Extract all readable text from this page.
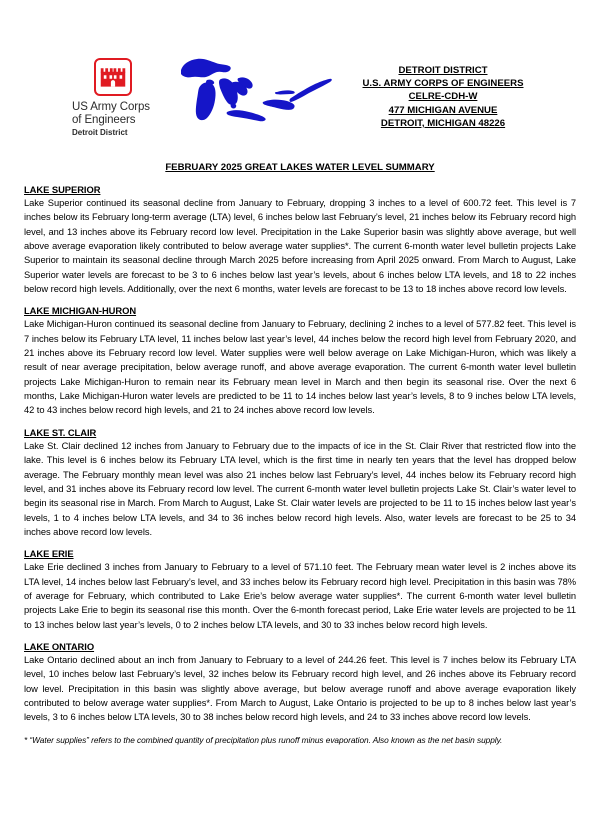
US Army Corps
of Engineers
Detroit District
DETROIT DISTRICT
U.S. ARMY CORPS OF ENGINEERS
CELRE-CDH-W
477 MICHIGAN AVENUE
DETROIT, MICHIGAN 48226
FEBRUARY 2025 GREAT LAKES WATER LEVEL SUMMARY
LAKE SUPERIOR
Lake Superior continued its seasonal decline from January to February, dropping 3 inches to a level of 600.72 feet. This level is 7 inches below its February long-term average (LTA) level, 6 inches below last February’s level, 21 inches below its February record high level, and 13 inches above its February record low level. Precipitation in the Lake Superior basin was slightly above average, but well above average evaporation likely contributed to below average water supplies*. The current 6-month water level bulletin projects Lake Superior to maintain its seasonal decline through March 2025 before increasing from April 2025 onward. From March to August, Lake Superior water levels are forecast to be 3 to 6 inches below last year’s levels, about 6 inches below LTA levels, and 18 to 22 inches below record high levels. Additionally, over the next 6 months, water levels are forecast to be 13 to 18 inches above record low levels.
LAKE MICHIGAN-HURON
Lake Michigan-Huron continued its seasonal decline from January to February, declining 2 inches to a level of 577.82 feet. This level is 7 inches below its February LTA level, 11 inches below last year’s level, 44 inches below the record high level from February 2020, and 21 inches above its February record low level. Water supplies were well below average on Lake Michigan-Huron, which was likely a result of near average precipitation, below average runoff, and above average evaporation. The current 6-month water level bulletin projects Lake Michigan-Huron to remain near its February mean level in March and then begin its seasonal rise. Over the next 6 months, Lake Michigan-Huron water levels are predicted to be 11 to 14 inches below last year’s levels, 8 to 9 inches below LTA levels, 42 to 43 inches below record high levels, and 21 to 24 inches above record low levels.
LAKE ST. CLAIR
Lake St. Clair declined 12 inches from January to February due to the impacts of ice in the St. Clair River that restricted flow into the lake. This level is 6 inches below its February LTA level, which is the first time in nearly ten years that the level has dropped below average. The February monthly mean level was also 21 inches below last February’s level, 44 inches below its February record high level, and 31 inches above its February record low level. The current 6-month water level bulletin projects Lake St. Clair’s water level to begin its seasonal rise in March. From March to August, Lake St. Clair water levels are projected to be 11 to 15 inches below last year’s levels, 1 to 4 inches below LTA levels, and 34 to 36 inches below record high levels. Also, water levels are forecast to be 25 to 34 inches above record low levels.
LAKE ERIE
Lake Erie declined 3 inches from January to February to a level of 571.10 feet. The February mean water level is 2 inches above its LTA level, 14 inches below last February’s level, and 33 inches below its February record high level. Precipitation in this basin was 78% of average for February, which contributed to Lake Erie’s below average water supplies*. The current 6-month water level bulletin projects Lake Erie to begin its seasonal rise this month. Over the 6-month forecast period, Lake Erie water levels are projected to be 11 to 13 inches below last year’s levels, 0 to 2 inches below LTA levels, and 30 to 33 inches below record high levels.
LAKE ONTARIO
Lake Ontario declined about an inch from January to February to a level of 244.26 feet. This level is 7 inches below its February LTA level, 10 inches below last February’s level, 32 inches below its February record high level, and 26 inches above its February record low level. Precipitation in this basin was slightly above average, but below average runoff and above average evaporation likely contributed to below average water supplies*. From March to August, Lake Ontario is projected to be up to 8 inches below last year’s levels, 3 to 6 inches below LTA levels, 30 to 38 inches below record high levels, and 24 to 33 inches above record low levels.
* “Water supplies” refers to the combined quantity of precipitation plus runoff minus evaporation. Also known as the net basin supply.
